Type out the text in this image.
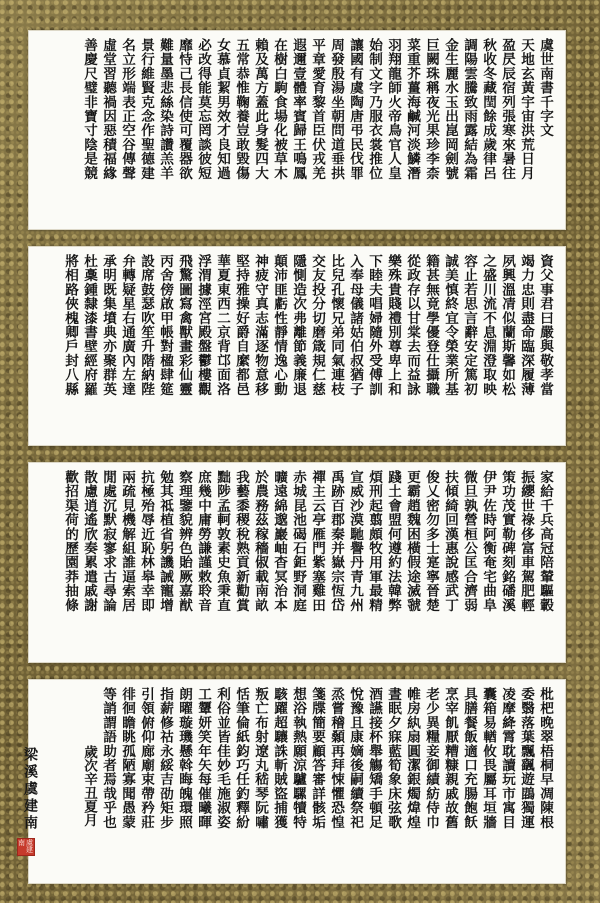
虞世南書千字文
天地玄黃宇宙洪荒日月
盈昃辰宿列張寒來暑往
秋收冬藏閏餘成歲律呂
調陽雲騰致雨露結為霜
金生麗水玉出崑岡劍號
巨闕珠稱夜光果珍李柰
菜重芥薑海鹹河淡鱗潛
羽翔龍師火帝鳥官人皇
始制文字乃服衣裳推位
讓國有虞陶唐弔民伐罪
周發殷湯坐朝問道垂拱
平章愛育黎首臣伏戎羌
遐邇壹體率賓歸王鳴鳳
在樹白駒食場化被草木
賴及萬方蓋此身髮四大
五常恭惟鞠養豈敢毀傷
女慕貞絜男效才良知過
必改得能莫忘罔談彼短
靡恃己長信使可覆器欲
難量墨悲絲染詩讚羔羊
景行維賢克念作聖德建
名立形端表正空谷傳聲
虛堂習聽禍因惡積福緣
善慶尺璧非寶寸陰是競
資父事君曰嚴與敬孝當
竭力忠則盡命臨深履薄
夙興溫凊似蘭斯馨如松
之盛川流不息淵澄取映
容止若思言辭安定篤初
誠美慎終宜令榮業所基
籍甚無竟學優登仕攝職
從政存以甘棠去而益詠
樂殊貴賤禮別尊卑上和
下睦夫唱婦隨外受傅訓
入奉母儀諸姑伯叔猶子
比兒孔懷兄弟同氣連枝
交友投分切磨箴規仁慈
隱惻造次弗離節義廉退
顛沛匪虧性靜情逸心動
神疲守真志滿逐物意移
堅持雅操好爵自縻都邑
華夏東西二京背邙面洛
浮渭據涇宮殿盤鬱樓觀
飛驚圖寫禽獸畫彩仙靈
丙舍傍啟甲帳對楹肆筵
設席鼓瑟吹笙升階納陛
弁轉疑星右通廣內左達
承明既集墳典亦聚群英
杜稾鍾隸漆書壁經府羅
將相路俠槐卿戶封八縣
家給千兵高冠陪輦驅轂
振纓世祿侈富車駕肥輕
策功茂實勒碑刻銘磻溪
伊尹佐時阿衡奄宅曲阜
微旦孰營桓公匡合濟弱
扶傾綺回漢惠說感武丁
俊乂密勿多士寔寧晉楚
更霸趙魏困橫假途滅虢
踐土會盟何遵約法韓弊
煩刑起翦頗牧用軍最精
宣威沙漠馳譽丹青九州
禹跡百郡秦并嶽宗恆岱
禪主云亭雁門紫塞雞田
赤城昆池碣石鉅野洞庭
曠遠綿邈巖岫杳冥治本
於農務茲稼穡俶載南畝
我藝黍稷稅熟貢新勸賞
黜陟孟軻敦素史魚秉直
庶幾中庸勞謙謹敕聆音
察理鑒貌辨色貽厥嘉猷
勉其祗植省躬譏誡寵增
抗極殆辱近恥林皋幸即
兩疏見機解組誰逼索居
閒處沉默寂寥求古尋論
散慮逍遙欣奏累遣戚謝
歡招渠荷的歷園莽抽條
枇杷晚翠梧桐早凋陳根
委翳落葉飄颻遊鵾獨運
凌摩絳霄耽讀玩市寓目
囊箱易輶攸畏屬耳垣牆
具膳餐飯適口充腸飽飫
烹宰飢厭糟糠親戚故舊
老少異糧妾御績紡侍巾
帷房紈扇圓潔銀燭煒煌
晝眠夕寐藍筍象床弦歌
酒讌接杯舉觴矯手頓足
悅豫且康嫡後嗣續祭祀
烝嘗稽顙再拜悚懼恐惶
箋牒簡要顧答審詳骸垢
想浴執熱願涼驢騾犢特
駭躍超驤誅斬賊盜捕獲
叛亡布射遼丸嵇琴阮嘯
恬筆倫紙鈞巧任釣釋紛
利俗並皆佳妙毛施淑姿
工顰妍笑年矢每催曦暉
朗曜璇璣懸斡晦魄環照
指薪修祜永綏吉劭矩步
引領俯仰廊廟束帶矜莊
徘徊瞻眺孤陋寡聞愚蒙
等誚謂語助者焉哉乎也
歲次辛丑夏月
梁溪虞建南
虞建南
